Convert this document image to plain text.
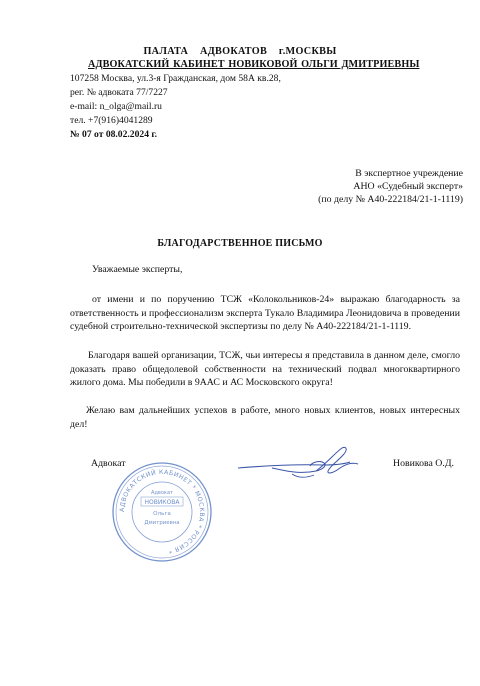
ПАЛАТА АДВОКАТОВ г.МОСКВЫ
АДВОКАТСКИЙ КАБИНЕТ НОВИКОВОЙ ОЛЬГИ ДМИТРИЕВНЫ
107258 Москва, ул.3-я Гражданская, дом 58А кв.28,
рег. № адвоката 77/7227
e-mail: n_olga@mail.ru
тел. +7(916)4041289
№ 07 от 08.02.2024 г.
В экспертное учреждение
АНО «Судебный эксперт»
(по делу № А40-222184/21-1-1119)
БЛАГОДАРСТВЕННОЕ ПИСЬМО
Уважаемые эксперты,
от имени и по поручению ТСЖ «Колокольников-24» выражаю благодарность за ответственность и профессионализм эксперта Тукало Владимира Леонидовича в проведении судебной строительно-технической экспертизы по делу № А40-222184/21-1-1119.
Благодаря вашей организации, ТСЖ, чьи интересы я представила в данном деле, смогло доказать право общедолевой собственности на технический подвал многоквартирного жилого дома. Мы победили в 9ААС и АС Московского округа!
Желаю вам дальнейших успехов в работе, много новых клиентов, новых интересных дел!
Адвокат	Новикова О.Д.
АДВОКАТСКИЙ КАБИНЕТ * МОСКВА * РОССИЯ *
Адвокат
НОВИКОВА
Ольга
Дмитриевна
